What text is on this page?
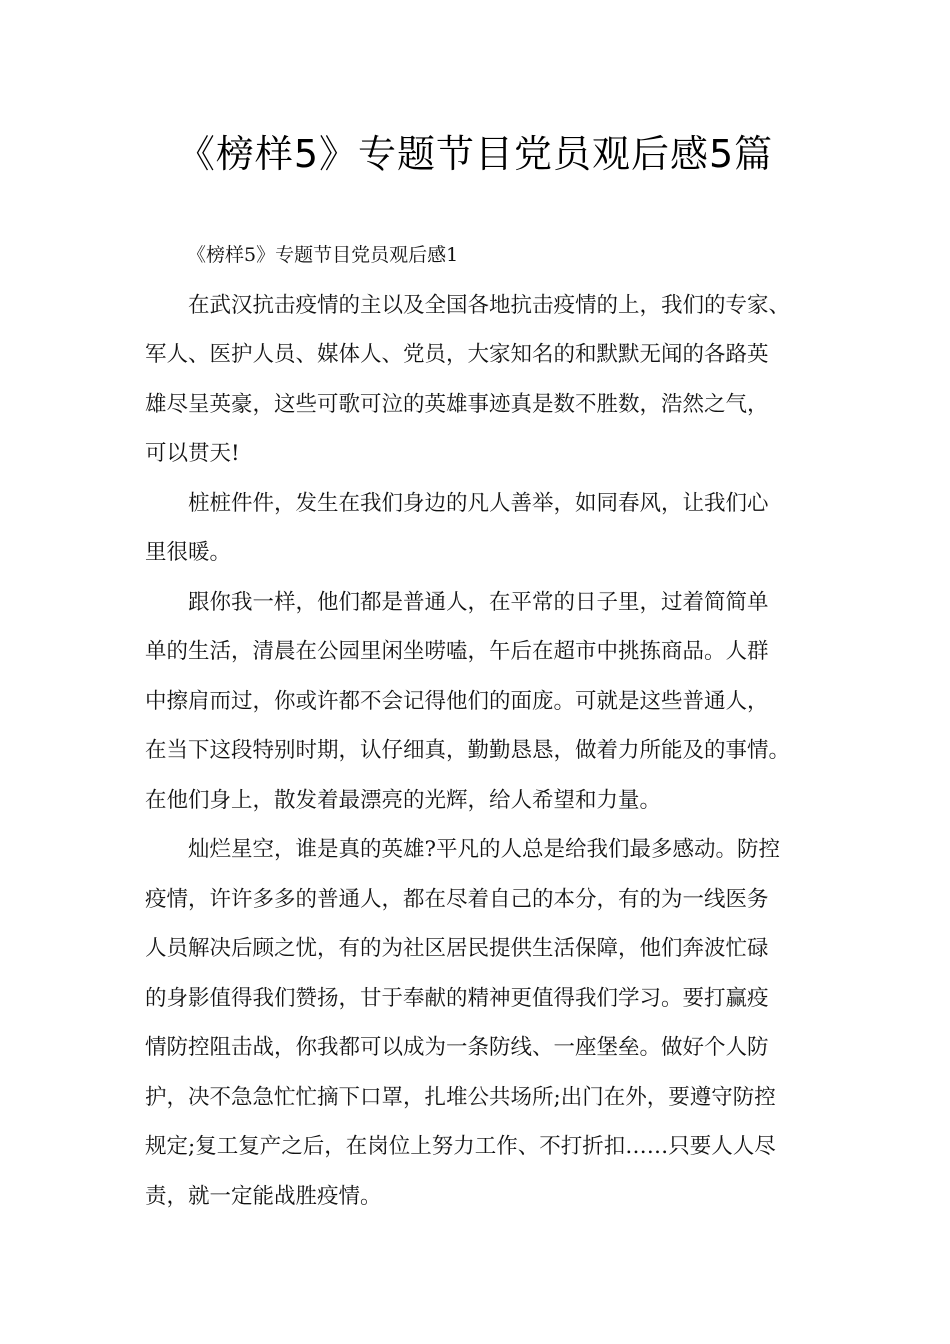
《榜样5》专题节目党员观后感5篇

《榜样5》专题节目党员观后感1

在武汉抗击疫情的主以及全国各地抗击疫情的上，我们的专家、
军人、医护人员、媒体人、党员，大家知名的和默默无闻的各路英
雄尽呈英豪，这些可歌可泣的英雄事迹真是数不胜数，浩然之气，
可以贯天!
桩桩件件，发生在我们身边的凡人善举，如同春风，让我们心
里很暖。
跟你我一样，他们都是普通人，在平常的日子里，过着简简单
单的生活，清晨在公园里闲坐唠嗑，午后在超市中挑拣商品。人群
中擦肩而过，你或许都不会记得他们的面庞。可就是这些普通人，
在当下这段特别时期，认仔细真，勤勤恳恳，做着力所能及的事情。
在他们身上，散发着最漂亮的光辉，给人希望和力量。
灿烂星空，谁是真的英雄?平凡的人总是给我们最多感动。防控
疫情，许许多多的普通人，都在尽着自己的本分，有的为一线医务
人员解决后顾之忧，有的为社区居民提供生活保障，他们奔波忙碌
的身影值得我们赞扬，甘于奉献的精神更值得我们学习。要打赢疫
情防控阻击战，你我都可以成为一条防线、一座堡垒。做好个人防
护，决不急急忙忙摘下口罩，扎堆公共场所;出门在外，要遵守防控
规定;复工复产之后，在岗位上努力工作、不打折扣……只要人人尽
责，就一定能战胜疫情。
